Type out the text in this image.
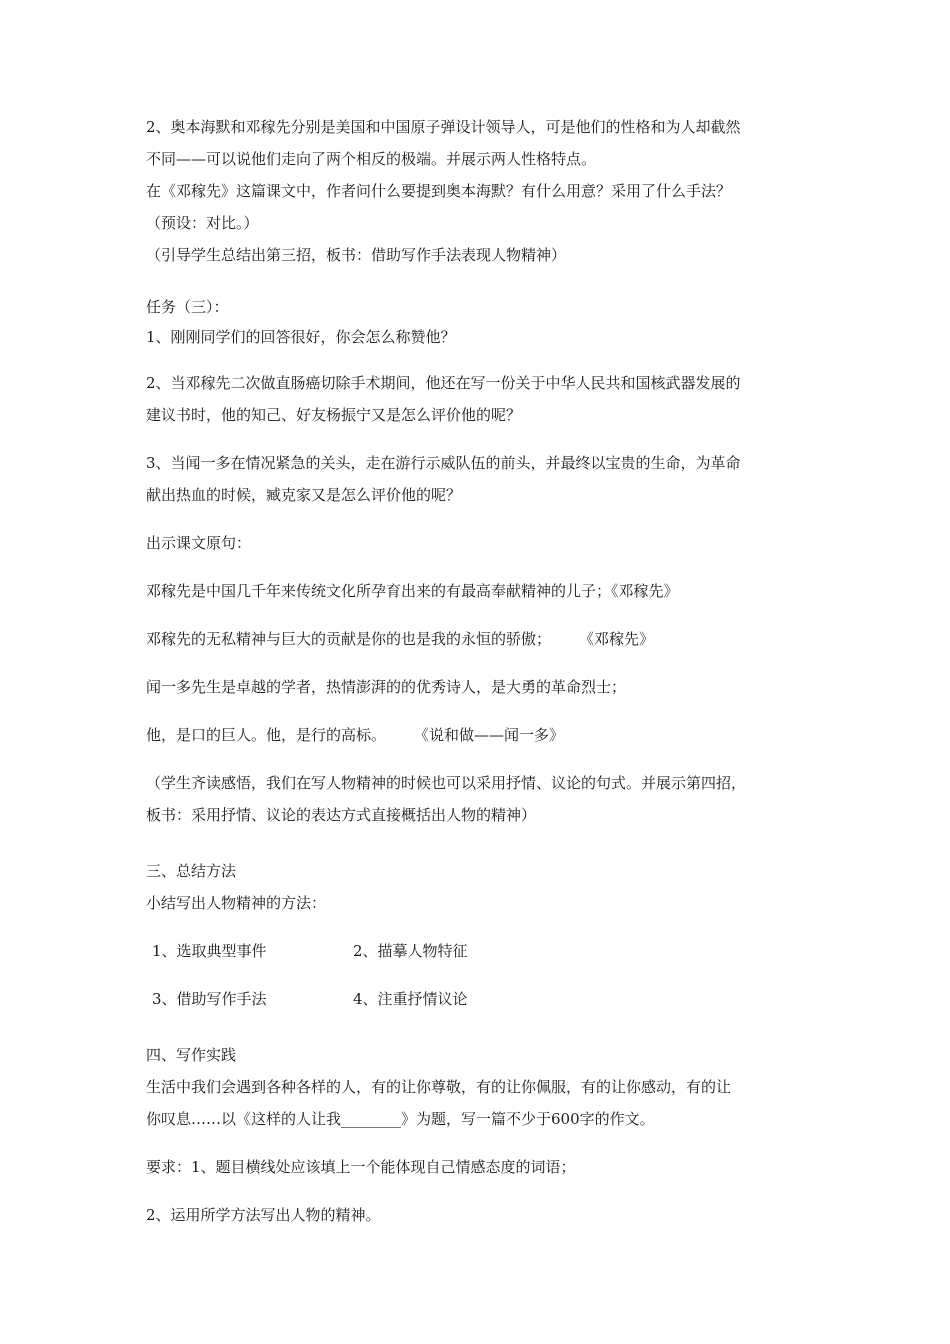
2、奥本海默和邓稼先分别是美国和中国原子弹设计领导人，可是他们的性格和为人却截然

不同——可以说他们走向了两个相反的极端。并展示两人性格特点。

在《邓稼先》这篇课文中，作者问什么要提到奥本海默？有什么用意？采用了什么手法？

（预设：对比。）

（引导学生总结出第三招，板书：借助写作手法表现人物精神）

任务（三）：

1、刚刚同学们的回答很好，你会怎么称赞他？

2、当邓稼先二次做直肠癌切除手术期间，他还在写一份关于中华人民共和国核武器发展的

建议书时，他的知己、好友杨振宁又是怎么评价他的呢？

3、当闻一多在情况紧急的关头，走在游行示威队伍的前头，并最终以宝贵的生命，为革命

献出热血的时候，臧克家又是怎么评价他的呢？

出示课文原句：

邓稼先是中国几千年来传统文化所孕育出来的有最高奉献精神的儿子；《邓稼先》

邓稼先的无私精神与巨大的贡献是你的也是我的永恒的骄傲； 《邓稼先》

闻一多先生是卓越的学者，热情澎湃的的优秀诗人，是大勇的革命烈士；

他，是口的巨人。他，是行的高标。 《说和做——闻一多》

（学生齐读感悟，我们在写人物精神的时候也可以采用抒情、议论的句式。并展示第四招，

板书：采用抒情、议论的表达方式直接概括出人物的精神）

三、总结方法

小结写出人物精神的方法：

1、选取典型事件	2、描摹人物特征

3、借助写作手法	4、注重抒情议论

四、写作实践

生活中我们会遇到各种各样的人，有的让你尊敬，有的让你佩服，有的让你感动，有的让

你叹息……以《这样的人让我________》为题，写一篇不少于600字的作文。

要求：1、题目横线处应该填上一个能体现自己情感态度的词语；

2、运用所学方法写出人物的精神。
